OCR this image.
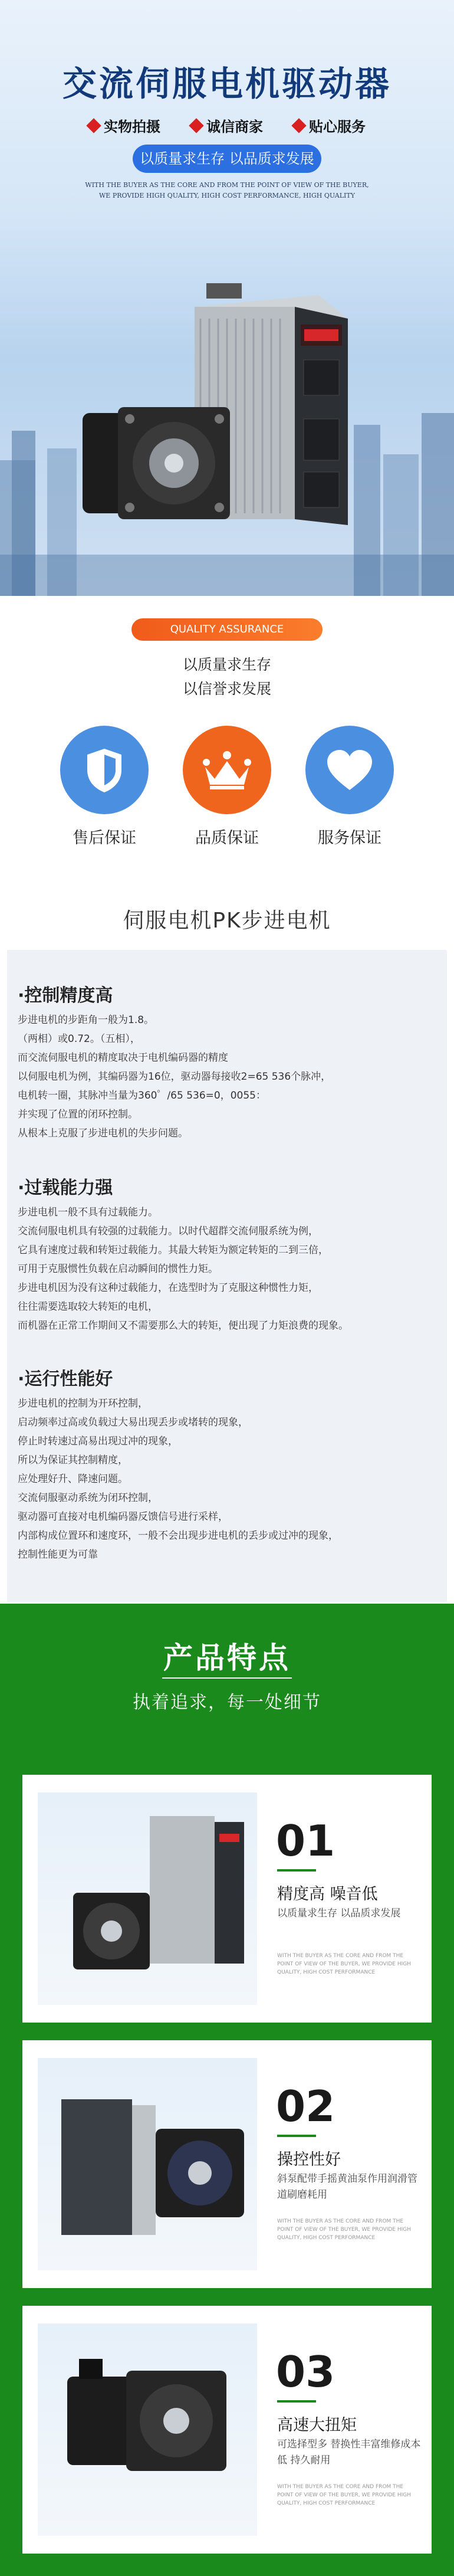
交流伺服电机驱动器
实物拍摄	诚信商家	贴心服务
以质量求生存 以品质求发展
WITH THE BUYER AS THE CORE AND FROM THE POINT OF VIEW OF THE BUYER,
WE PROVIDE HIGH QUALITY, HIGH COST PERFORMANCE, HIGH QUALITY
QUALITY ASSURANCE
以质量求生存
以信誉求发展
售后保证	品质保证	服务保证
伺服电机PK步进电机
·控制精度高
步进电机的步距角一般为1.8。
（两相）或0.72。（五相），
而交流伺服电机的精度取决于电机编码器的精度
以伺服电机为例，其编码器为16位，驱动器每接收2=65 536个脉冲，
电机转一圈，其脉冲当量为360゜/65 536=0，0055：
并实现了位置的闭环控制。
从根本上克服了步进电机的失步问题。
·过载能力强
步进电机一般不具有过载能力。
交流伺服电机具有较强的过载能力。以时代超群交流伺服系统为例，
它具有速度过载和转矩过载能力。其最大转矩为额定转矩的二到三倍，
可用于克服惯性负载在启动瞬间的惯性力矩。
步进电机因为没有这种过载能力，在选型时为了克服这种惯性力矩，
往往需要选取较大转矩的电机，
而机器在正常工作期间又不需要那么大的转矩，便出现了力矩浪费的现象。
·运行性能好
步进电机的控制为开环控制，
启动频率过高或负载过大易出现丢步或堵转的现象，
停止时转速过高易出现过冲的现象，
所以为保证其控制精度，
应处理好升、降速问题。
交流伺服驱动系统为闭环控制，
驱动器可直接对电机编码器反馈信号进行采样，
内部构成位置环和速度环，一般不会出现步进电机的丢步或过冲的现象，
控制性能更为可靠
产品特点
执着追求，每一处细节
01
精度高 噪音低
以质量求生存 以品质求发展
WITH THE BUYER AS THE CORE AND FROM THE POINT OF VIEW OF THE BUYER, WE PROVIDE HIGH QUALITY, HIGH COST PERFORMANCE
02
操控性好
斜泵配带手摇黄油泵作用润滑管道刷磨耗用
WITH THE BUYER AS THE CORE AND FROM THE POINT OF VIEW OF THE BUYER, WE PROVIDE HIGH QUALITY, HIGH COST PERFORMANCE
03
高速大扭矩
可选择型多 替换性丰富维修成本低 持久耐用
WITH THE BUYER AS THE CORE AND FROM THE POINT OF VIEW OF THE BUYER, WE PROVIDE HIGH QUALITY, HIGH COST PERFORMANCE
